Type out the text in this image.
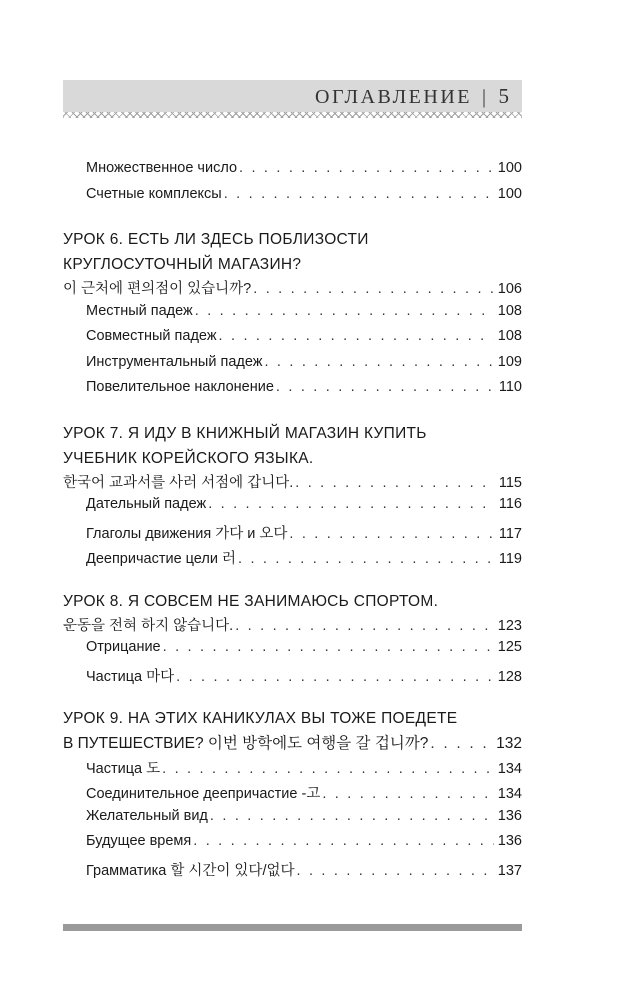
ОГЛАВЛЕНИЕ | 5
Множественное число . . .	100
Счетные комплексы . . .	100
УРОК 6. ЕСТЬ ЛИ ЗДЕСЬ ПОБЛИЗОСТИ
КРУГЛОСУТОЧНЫЙ МАГАЗИН?
이 근처에 편의점이 있습니까? . . .	106
Местный падеж . . .	108
Совместный падеж . . .	108
Инструментальный падеж . . .	109
Повелительное наклонение . . .	110
УРОК 7. Я ИДУ В КНИЖНЫЙ МАГАЗИН КУПИТЬ
УЧЕБНИК КОРЕЙСКОГО ЯЗЫКА.
한국어 교과서를 사러 서점에 갑니다. . . .	115
Дательный падеж . . .	116
Глаголы движения 가다 и 오다 . . .	117
Деепричастие цели 러 . . .	119
УРОК 8. Я СОВСЕМ НЕ ЗАНИМАЮСЬ СПОРТОМ.
운동을 전혀 하지 않습니다. . . .	123
Отрицание . . .	125
Частица 마다 . . .	128
УРОК 9. НА ЭТИХ КАНИКУЛАХ ВЫ ТОЖЕ ПОЕДЕТЕ
В ПУТЕШЕСТВИЕ? 이번 방학에도 여행을 갈 겁니까? . . .	132
Частица 도 . . .	134
Соединительное деепричастие -고 . . .	134
Желательный вид . . .	136
Будущее время . . .	136
Грамматика 할 시간이 있다/없다 . . .	137
